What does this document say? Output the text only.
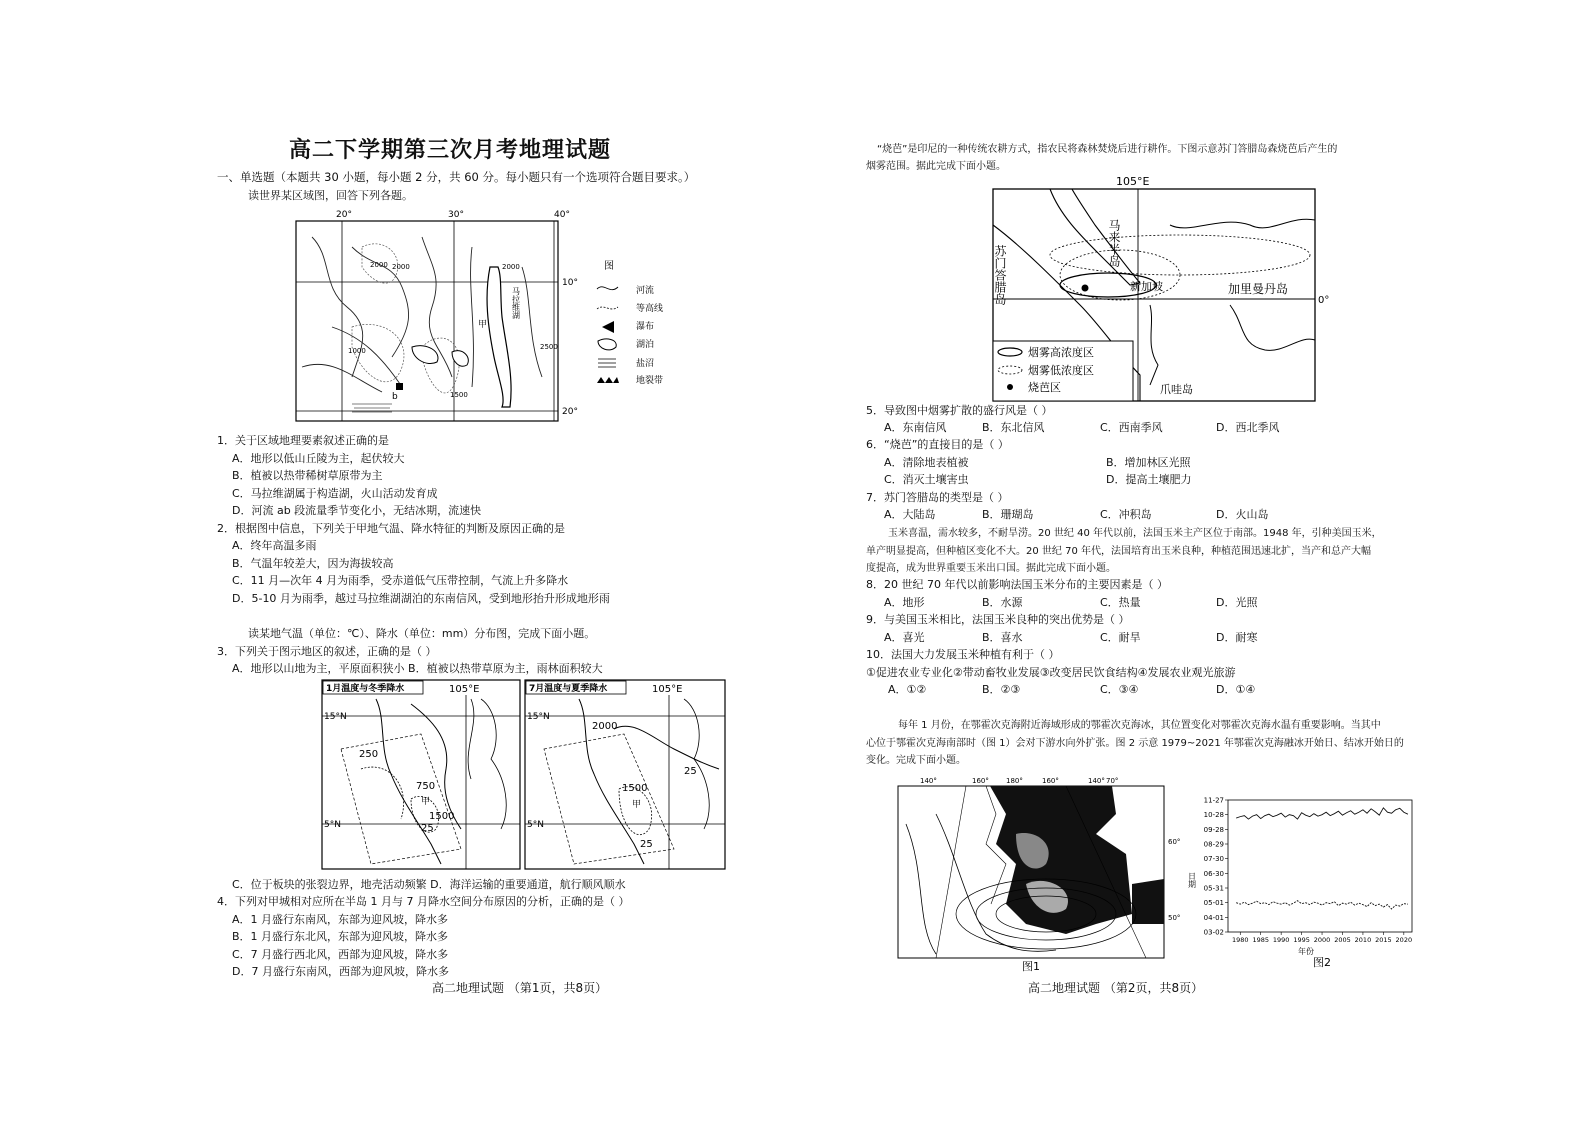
高二下学期第三次月考地理试题
一、单选题（本题共 30 小题，每小题 2 分，共 60 分。每小题只有一个选项符合题目要求。）
读世界某区域图，回答下列各题。
20°	30°	40°
10°
20°
2000 2000	2000
1000
1500
2500
甲
b
马拉维湖
图
河流
等高线
瀑布
湖泊
盐沼
地裂带
1．关于区域地理要素叙述正确的是
A．地形以低山丘陵为主，起伏较大
B．植被以热带稀树草原带为主
C．马拉维湖属于构造湖，火山活动发育成
D．河流 ab 段流量季节变化小，无结冰期，流速快
2．根据图中信息，下列关于甲地气温、降水特征的判断及原因正确的是
A．终年高温多雨
B．气温年较差大，因为海拔较高
C．11 月—次年 4 月为雨季，受赤道低气压带控制，气流上升多降水
D．5-10 月为雨季，越过马拉维湖湖泊的东南信风，受到地形抬升形成地形雨
读某地气温（单位：℃）、降水（单位：mm）分布图，完成下面小题。
3．下列关于图示地区的叙述，正确的是（ ）
A．地形以山地为主，平原面积狭小 B．植被以热带草原为主，雨林面积较大
1月温度与冬季降水	105°E
15°N
5°N
250
750
1500
25
甲
7月温度与夏季降水	105°E
15°N
5°N
2000
25
1500
甲
25
C．位于板块的张裂边界，地壳活动频繁 D．海洋运输的重要通道，航行顺风顺水
4．下列对甲城相对应所在半岛 1 月与 7 月降水空间分布原因的分析，正确的是（ ）
A．1 月盛行东南风，东部为迎风坡，降水多
B．1 月盛行东北风，东部为迎风坡，降水多
C．7 月盛行西北风，西部为迎风坡，降水多
D．7 月盛行东南风，西部为迎风坡，降水多
高二地理试题 （第1页，共8页）
“烧芭”是印尼的一种传统农耕方式，指农民将森林焚烧后进行耕作。下图示意苏门答腊岛森烧芭后产生的
烟雾范围。据此完成下面小题。
105°E
0°
马来半岛
苏门答腊岛	新加坡	加里曼丹岛
爪哇岛
烟雾高浓度区
烟雾低浓度区
烧芭区
5．导致图中烟雾扩散的盛行风是（ ）
A．东南信风	B．东北信风	C．西南季风	D．西北季风
6．“烧芭”的直接目的是（ ）
A．清除地表植被	B．增加林区光照
C．消灭土壤害虫	D．提高土壤肥力
7．苏门答腊岛的类型是（ ）
A．大陆岛	B．珊瑚岛	C．冲积岛	D．火山岛
玉米喜温，需水较多，不耐旱涝。20 世纪 40 年代以前，法国玉米主产区位于南部。1948 年，引种美国玉米，
单产明显提高，但种植区变化不大。20 世纪 70 年代，法国培育出玉米良种，种植范围迅速北扩，当产和总产大幅
度提高，成为世界重要玉米出口国。据此完成下面小题。
8．20 世纪 70 年代以前影响法国玉米分布的主要因素是（ ）
A．地形	B．水源	C．热量	D．光照
9．与美国玉米相比，法国玉米良种的突出优势是（ ）
A．喜光	B．喜水	C．耐旱	D．耐寒
10．法国大力发展玉米种植有利于（ ）
①促进农业专业化②带动畜牧业发展③改变居民饮食结构④发展农业观光旅游
A．①②	B．②③	C．③④	D．①④
每年 1 月份，在鄂霍次克海附近海域形成的鄂霍次克海冰，其位置变化对鄂霍次克海水温有重要影响。当其中
心位于鄂霍次克海南部时（图 1）会对下游水向外扩张。图 2 示意 1979~2021 年鄂霍次克海融冰开始日、结冰开始日的
变化。完成下面小题。
140°	160° 180°	160°	140° 70°
60°
50°
图1
03-02
04-01
05-01
05-31
06-30
07-30
08-29
09-28
10-28
11-27
1980 1985 1990 1995 2000 2005 2010 2015 2020
日期
年份
图2
高二地理试题 （第2页，共8页）
